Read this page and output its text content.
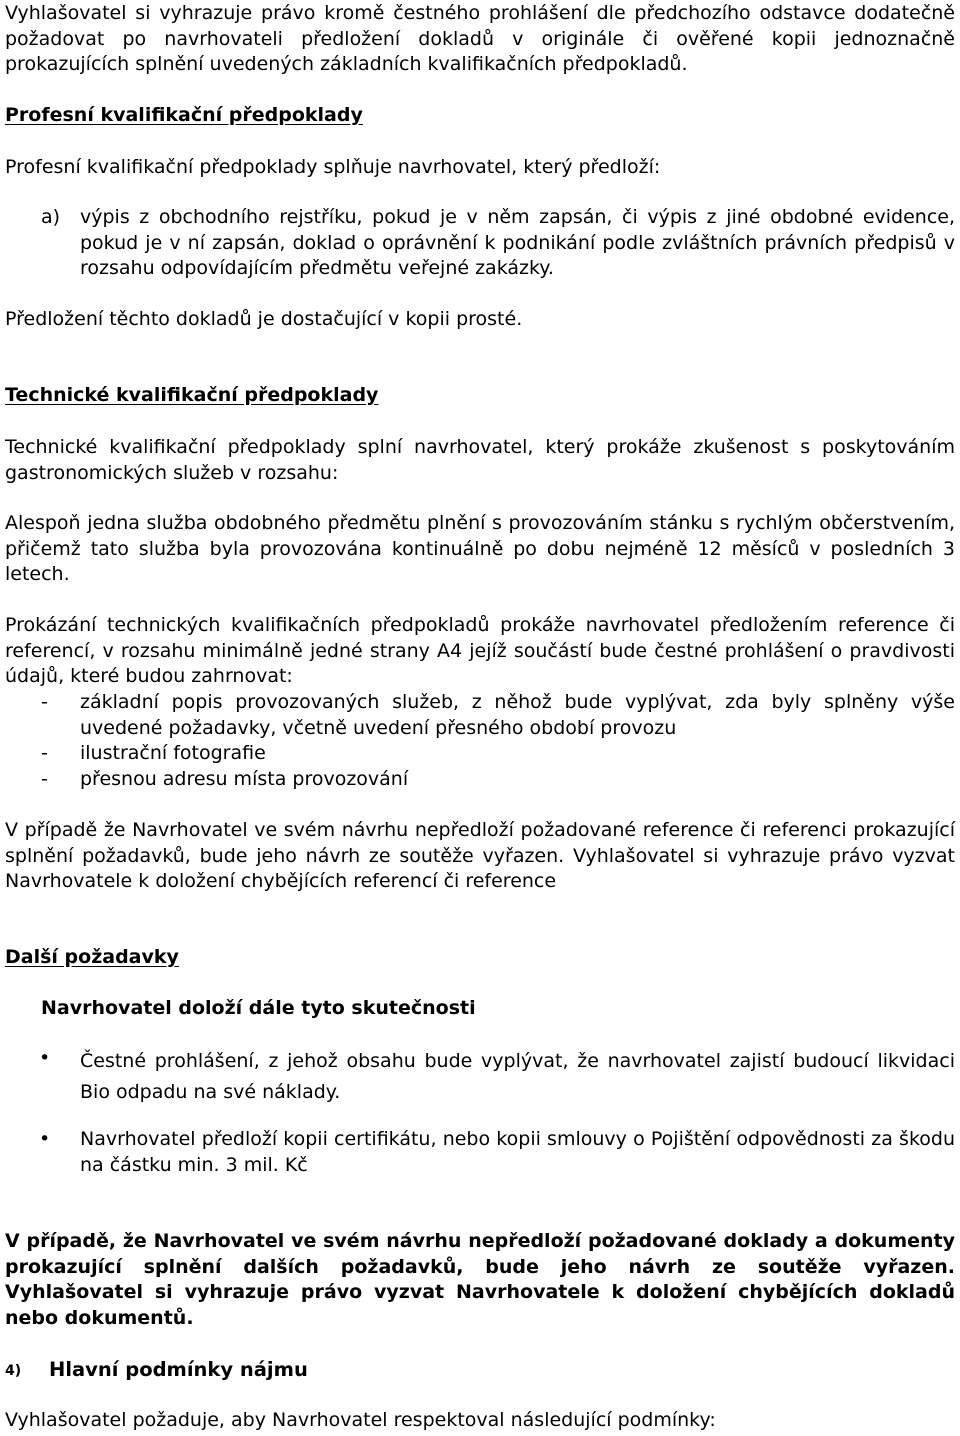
Vyhlašovatel si vyhrazuje právo kromě čestného prohlášení dle předchozího odstavce dodatečně požadovat po navrhovateli předložení dokladů v originále či ověřené kopii jednoznačně prokazujících splnění uvedených základních kvalifikačních předpokladů.

Profesní kvalifikační předpoklady

Profesní kvalifikační předpoklady splňuje navrhovatel, který předloží:

a) výpis z obchodního rejstříku, pokud je v něm zapsán, či výpis z jiné obdobné evidence, pokud je v ní zapsán, doklad o oprávnění k podnikání podle zvláštních právních předpisů v rozsahu odpovídajícím předmětu veřejné zakázky.

Předložení těchto dokladů je dostačující v kopii prosté.

Technické kvalifikační předpoklady

Technické kvalifikační předpoklady splní navrhovatel, který prokáže zkušenost s poskytováním gastronomických služeb v rozsahu:

Alespoň jedna služba obdobného předmětu plnění s provozováním stánku s rychlým občerstvením, přičemž tato služba byla provozována kontinuálně po dobu nejméně 12 měsíců v posledních 3 letech.

Prokázání technických kvalifikačních předpokladů prokáže navrhovatel předložením reference či referencí, v rozsahu minimálně jedné strany A4 jejíž součástí bude čestné prohlášení o pravdivosti údajů, které budou zahrnovat:

- základní popis provozovaných služeb, z něhož bude vyplývat, zda byly splněny výše uvedené požadavky, včetně uvedení přesného období provozu
- ilustrační fotografie
- přesnou adresu místa provozování

V případě že Navrhovatel ve svém návrhu nepředloží požadované reference či referenci prokazující splnění požadavků, bude jeho návrh ze soutěže vyřazen. Vyhlašovatel si vyhrazuje právo vyzvat Navrhovatele k doložení chybějících referencí či reference

Další požadavky
Navrhovatel doloží dále tyto skutečnosti
• Čestné prohlášení, z jehož obsahu bude vyplývat, že navrhovatel zajistí budoucí likvidaci Bio odpadu na své náklady.
• Navrhovatel předloží kopii certifikátu, nebo kopii smlouvy o Pojištění odpovědnosti za škodu na částku min. 3 mil. Kč

V případě, že Navrhovatel ve svém návrhu nepředloží požadované doklady a dokumenty prokazující splnění dalších požadavků, bude jeho návrh ze soutěže vyřazen. Vyhlašovatel si vyhrazuje právo vyzvat Navrhovatele k doložení chybějících dokladů nebo dokumentů.

4) Hlavní podmínky nájmu

Vyhlašovatel požaduje, aby Navrhovatel respektoval následující podmínky:
